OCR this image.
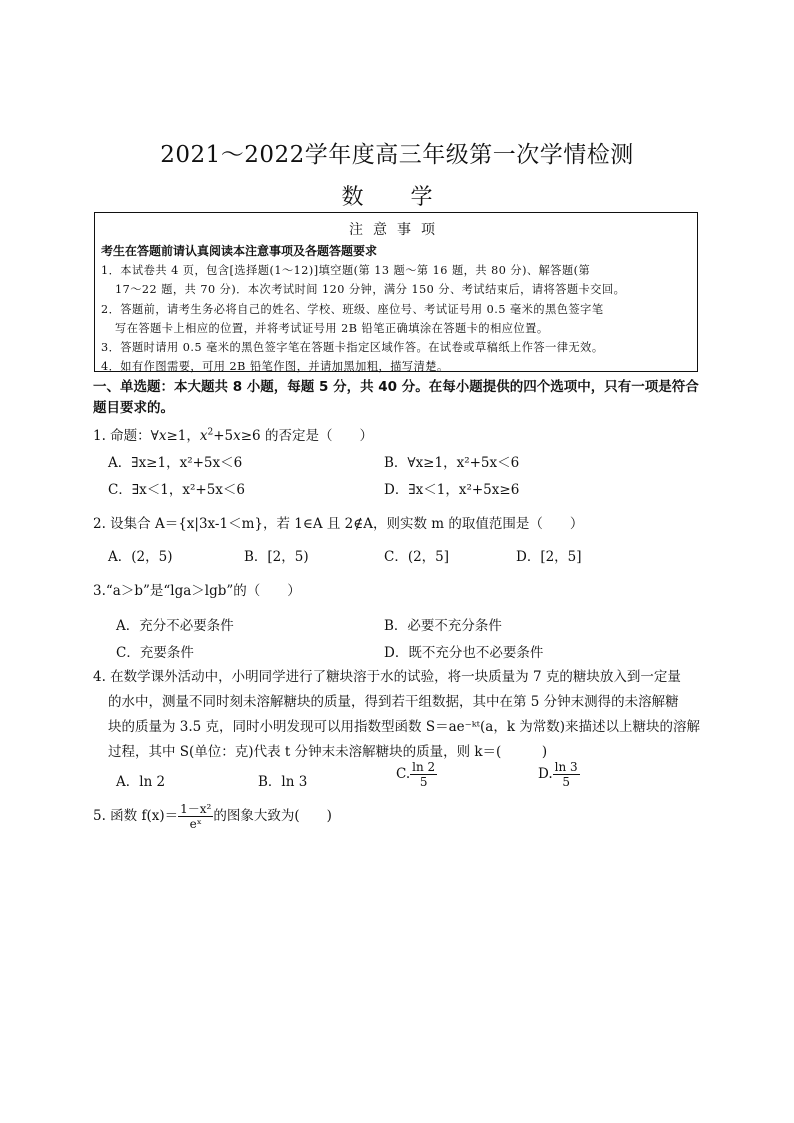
2021～2022学年度高三年级第一次学情检测
数 学
注意事项
考生在答题前请认真阅读本注意事项及各题答题要求
1．本试卷共 4 页，包含[选择题(1～12)]填空题(第 13 题～第 16 题，共 80 分)、解答题(第
17～22 题，共 70 分)．本次考试时间 120 分钟，满分 150 分、考试结束后，请将答题卡交回。
2．答题前，请考生务必将自己的姓名、学校、班级、座位号、考试证号用 0.5 毫米的黑色签字笔
写在答题卡上相应的位置，并将考试证号用 2B 铅笔正确填涂在答题卡的相应位置。
3．答题时请用 0.5 毫米的黑色签字笔在答题卡指定区域作答。在试卷或草稿纸上作答一律无效。
4．如有作图需要，可用 2B 铅笔作图，并请加黑加粗，描写清楚。
一、单选题：本大题共 8 小题，每题 5 分，共 40 分。在每小题提供的四个选项中，只有一项是符合题目要求的。
1. 命题：∀x≥1，$x^2+5x\ge 6$ 的否定是（　　）
A．∃x≥1，x²+5x＜6	B．∀x≥1，x²+5x＜6
C．∃x＜1，x²+5x＜6	D．∃x＜1，x²+5x≥6
2. 设集合 A＝{x|3x-1＜m}，若 1∈A 且 2∉A，则实数 m 的取值范围是（　　）
A．(2，5)	B．[2，5)	C．(2，5]	D．[2，5]
3.“a＞b”是“lga＞lgb”的（　　）
A．充分不必要条件	B．必要不充分条件
C．充要条件	D．既不充分也不必要条件
4. 在数学课外活动中，小明同学进行了糖块溶于水的试验，将一块质量为 7 克的糖块放入到一定量
的水中，测量不同时刻未溶解糖块的质量，得到若干组数据，其中在第 5 分钟末测得的未溶解糖
块的质量为 3.5 克，同时小明发现可以用指数型函数 S＝ae⁻ᵏᵗ(a，k 为常数)来描述以上糖块的溶解
过程，其中 S(单位：克)代表 t 分钟末未溶解糖块的质量，则 k＝(　　　)
A．ln 2	B．ln 3	C. $\frac{\ln 2}{5}$	D. $\frac{\ln 3}{5}$
5. 函数 $f(x)= \frac{\text{1－x²}}{\text{eˣ}}$ 的图象大致为(　　)
